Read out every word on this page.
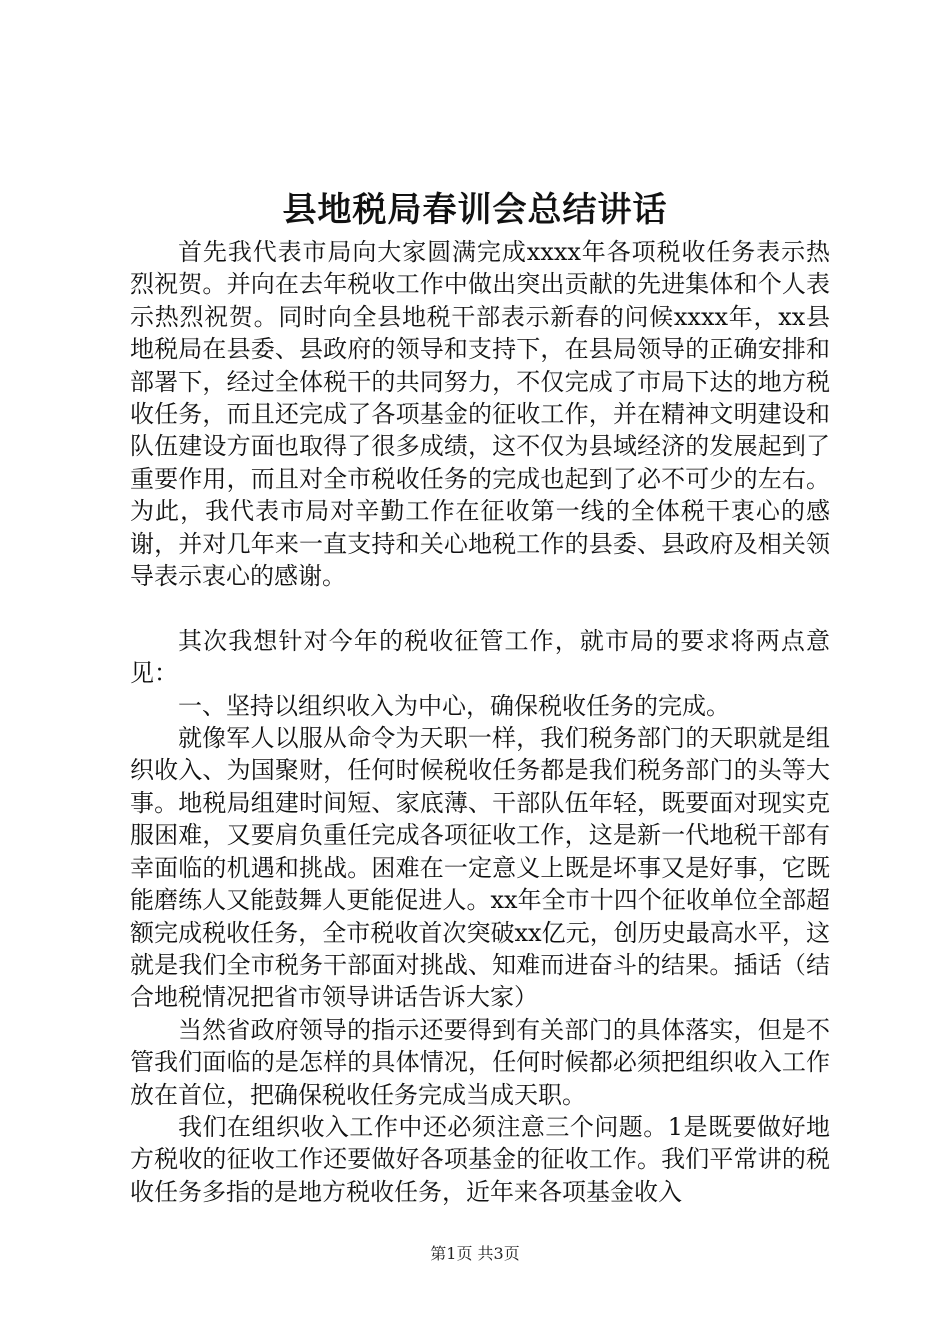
县地税局春训会总结讲话

首先我代表市局向大家圆满完成xxxx年各项税收任务表示热烈祝贺。并向在去年税收工作中做出突出贡献的先进集体和个人表示热烈祝贺。同时向全县地税干部表示新春的问候xxxx年，xx县地税局在县委、县政府的领导和支持下，在县局领导的正确安排和部署下，经过全体税干的共同努力，不仅完成了市局下达的地方税收任务，而且还完成了各项基金的征收工作，并在精神文明建设和队伍建设方面也取得了很多成绩，这不仅为县域经济的发展起到了重要作用，而且对全市税收任务的完成也起到了必不可少的左右。为此，我代表市局对辛勤工作在征收第一线的全体税干衷心的感谢，并对几年来一直支持和关心地税工作的县委、县政府及相关领导表示衷心的感谢。

其次我想针对今年的税收征管工作，就市局的要求将两点意见：

一、坚持以组织收入为中心，确保税收任务的完成。

就像军人以服从命令为天职一样，我们税务部门的天职就是组织收入、为国聚财，任何时候税收任务都是我们税务部门的头等大事。地税局组建时间短、家底薄、干部队伍年轻，既要面对现实克服困难，又要肩负重任完成各项征收工作，这是新一代地税干部有幸面临的机遇和挑战。困难在一定意义上既是坏事又是好事，它既能磨练人又能鼓舞人更能促进人。xx年全市十四个征收单位全部超额完成税收任务，全市税收首次突破xx亿元，创历史最高水平，这就是我们全市税务干部面对挑战、知难而进奋斗的结果。插话（结合地税情况把省市领导讲话告诉大家）

当然省政府领导的指示还要得到有关部门的具体落实，但是不管我们面临的是怎样的具体情况，任何时候都必须把组织收入工作放在首位，把确保税收任务完成当成天职。

我们在组织收入工作中还必须注意三个问题。1是既要做好地方税收的征收工作还要做好各项基金的征收工作。我们平常讲的税收任务多指的是地方税收任务，近年来各项基金收入

第1页 共3页
